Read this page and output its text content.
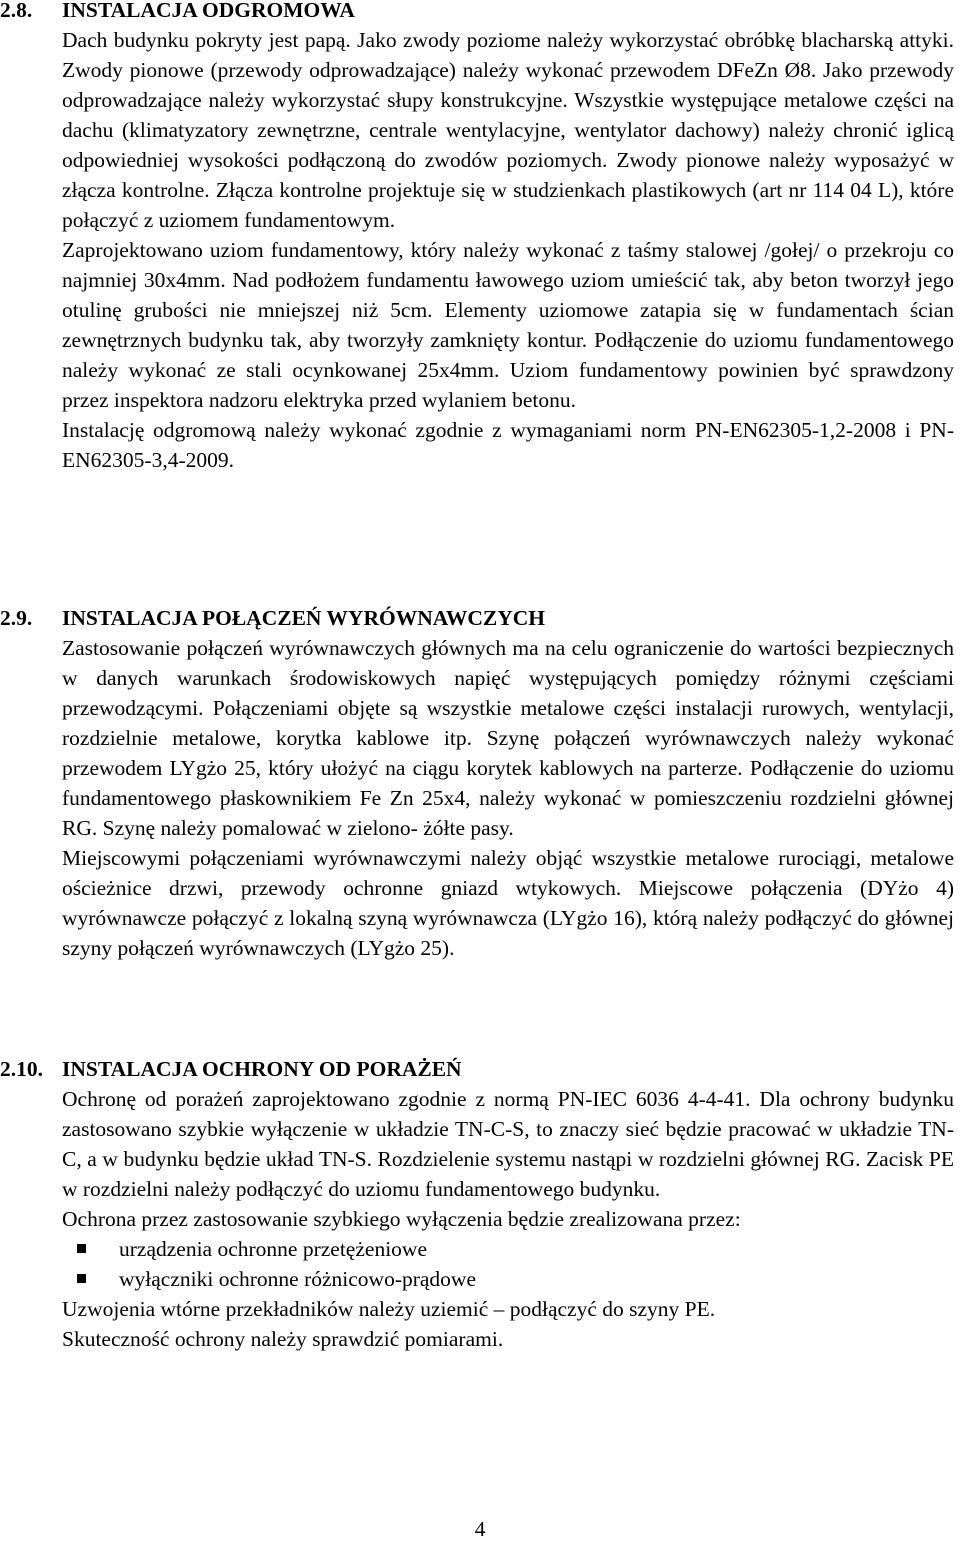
2.8. INSTALACJA ODGROMOWA

Dach budynku pokryty jest papą. Jako zwody poziome należy wykorzystać obróbkę blacharską attyki. Zwody pionowe (przewody odprowadzające) należy wykonać przewodem DFeZn Ø8. Jako przewody odprowadzające należy wykorzystać słupy konstrukcyjne. Wszystkie występujące metalowe części na dachu (klimatyzatory zewnętrzne, centrale wentylacyjne, wentylator dachowy) należy chronić iglicą odpowiedniej wysokości podłączoną do zwodów poziomych. Zwody pionowe należy wyposażyć w złącza kontrolne. Złącza kontrolne projektuje się w studzienkach plastikowych (art nr 114 04 L), które połączyć z uziomem fundamentowym.

Zaprojektowano uziom fundamentowy, który należy wykonać z taśmy stalowej /gołej/ o przekroju co najmniej 30x4mm. Nad podłożem fundamentu ławowego uziom umieścić tak, aby beton tworzył jego otulinę grubości nie mniejszej niż 5cm. Elementy uziomowe zatapia się w fundamentach ścian zewnętrznych budynku tak, aby tworzyły zamknięty kontur. Podłączenie do uziomu fundamentowego należy wykonać ze stali ocynkowanej 25x4mm. Uziom fundamentowy powinien być sprawdzony przez inspektora nadzoru elektryka przed wylaniem betonu.

Instalację odgromową należy wykonać zgodnie z wymaganiami norm PN-EN62305-1,2-2008 i PN-EN62305-3,4-2009.

2.9. INSTALACJA POŁĄCZEŃ WYRÓWNAWCZYCH

Zastosowanie połączeń wyrównawczych głównych ma na celu ograniczenie do wartości bezpiecznych w danych warunkach środowiskowych napięć występujących pomiędzy różnymi częściami przewodzącymi. Połączeniami objęte są wszystkie metalowe części instalacji rurowych, wentylacji, rozdzielnie metalowe, korytka kablowe itp. Szynę połączeń wyrównawczych należy wykonać przewodem LYgżo 25, który ułożyć na ciągu korytek kablowych na parterze. Podłączenie do uziomu fundamentowego płaskownikiem Fe Zn 25x4, należy wykonać w pomieszczeniu rozdzielni głównej RG. Szynę należy pomalować w zielono- żółte pasy.

Miejscowymi połączeniami wyrównawczymi należy objąć wszystkie metalowe rurociągi, metalowe ościeżnice drzwi, przewody ochronne gniazd wtykowych. Miejscowe połączenia (DYżo 4) wyrównawcze połączyć z lokalną szyną wyrównawcza (LYgżo 16), którą należy podłączyć do głównej szyny połączeń wyrównawczych (LYgżo 25).

2.10. INSTALACJA OCHRONY OD PORAŻEŃ

Ochronę od porażeń zaprojektowano zgodnie z normą PN-IEC 6036 4-4-41. Dla ochrony budynku zastosowano szybkie wyłączenie w układzie TN-C-S, to znaczy sieć będzie pracować w układzie TN-C, a w budynku będzie układ TN-S. Rozdzielenie systemu nastąpi w rozdzielni głównej RG. Zacisk PE w rozdzielni należy podłączyć do uziomu fundamentowego budynku.

Ochrona przez zastosowanie szybkiego wyłączenia będzie zrealizowana przez:

urządzenia ochronne przetężeniowe
wyłączniki ochronne różnicowo-prądowe

Uzwojenia wtórne przekładników należy uziemić – podłączyć do szyny PE.

Skuteczność ochrony należy sprawdzić pomiarami.

4
